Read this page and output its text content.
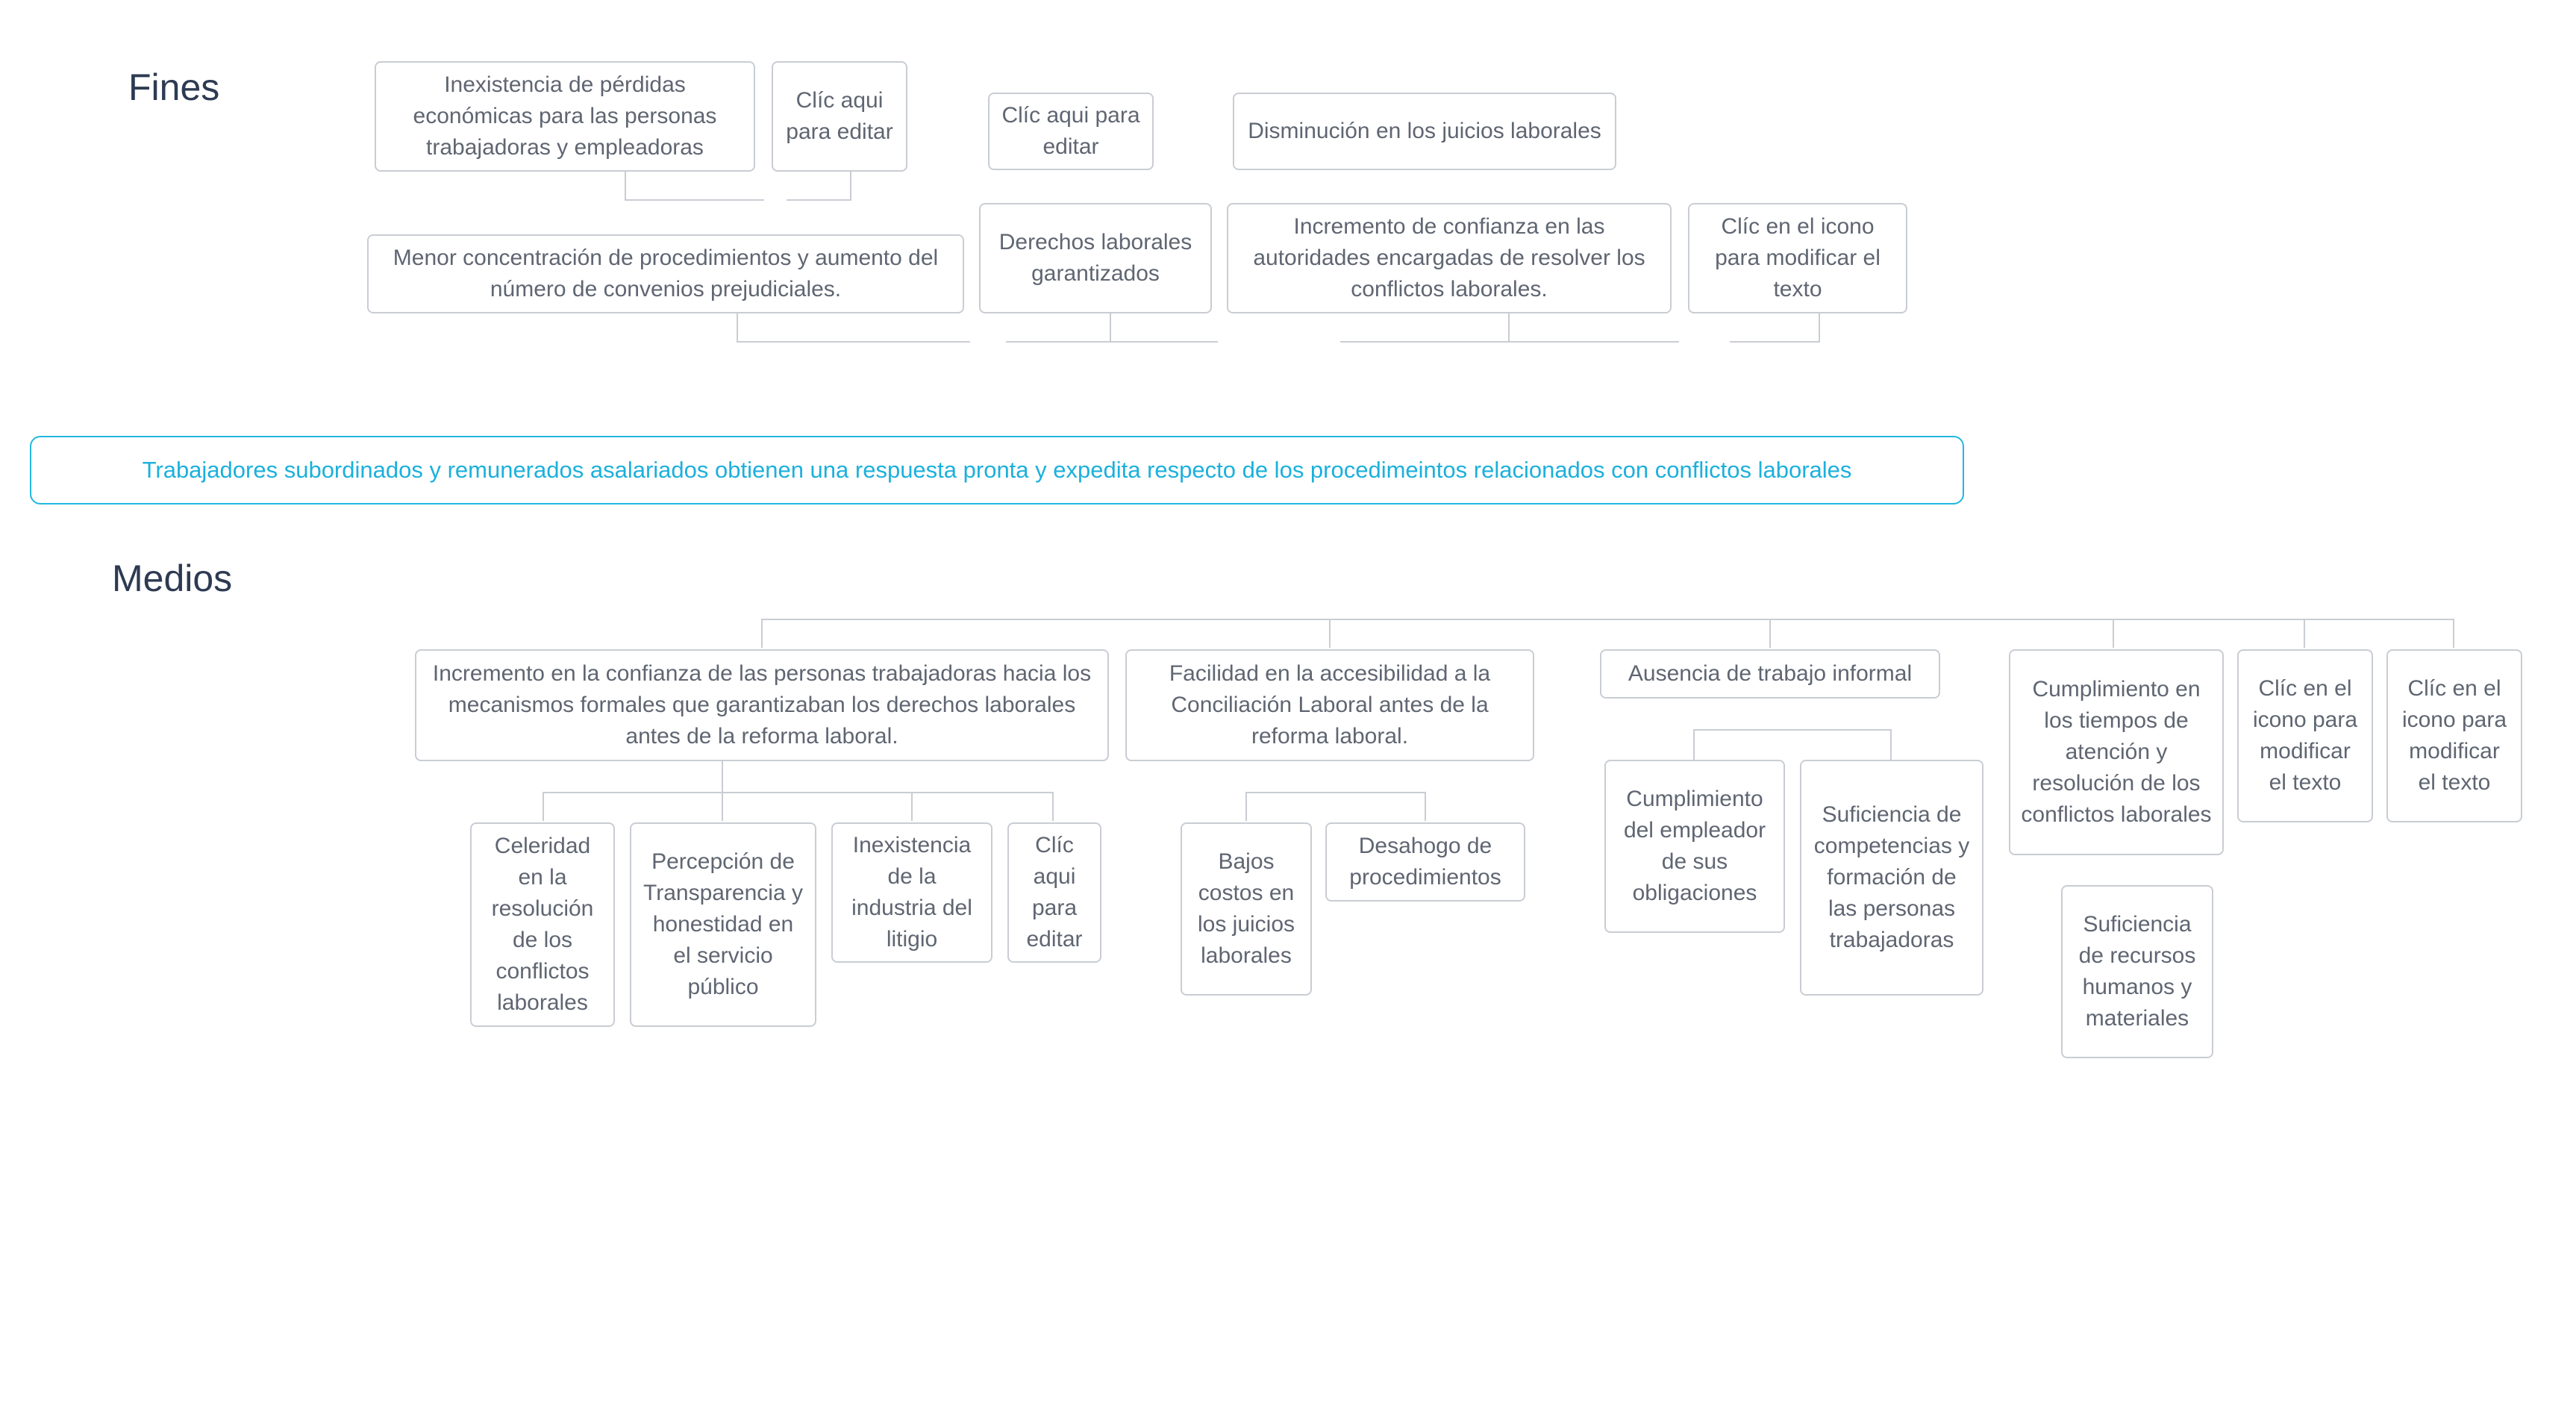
Fines
Medios
Inexistencia de pérdidas económicas para las personas trabajadoras y empleadoras
Clíc aqui para editar
Clíc aqui para editar
Disminución en los juicios laborales
Menor concentración de procedimientos y aumento del número de convenios prejudiciales.
Derechos laborales garantizados
Incremento de confianza en las autoridades encargadas de resolver los conflictos laborales.
Clíc en el icono para modificar el texto
Trabajadores subordinados y remunerados asalariados obtienen una respuesta pronta y expedita respecto de los procedimeintos relacionados con conflictos laborales
Incremento en la confianza de las personas trabajadoras hacia los mecanismos formales que garantizaban los derechos laborales antes de la reforma laboral.
Facilidad en la accesibilidad a la Conciliación Laboral antes de la reforma laboral.
Ausencia de trabajo informal
Cumplimiento en los tiempos de atención y resolución de los conflictos laborales
Clíc en el icono para modificar el texto
Clíc en el icono para modificar el texto
Celeridad en la resolución de los conflictos laborales
Percepción de Transparencia y honestidad en el servicio público
Inexistencia de la industria del litigio
Clíc aqui para editar
Bajos costos en los juicios laborales
Desahogo de procedimientos
Cumplimiento del empleador de sus obligaciones
Suficiencia de competencias y formación de las personas trabajadoras
Suficiencia de recursos humanos y materiales
